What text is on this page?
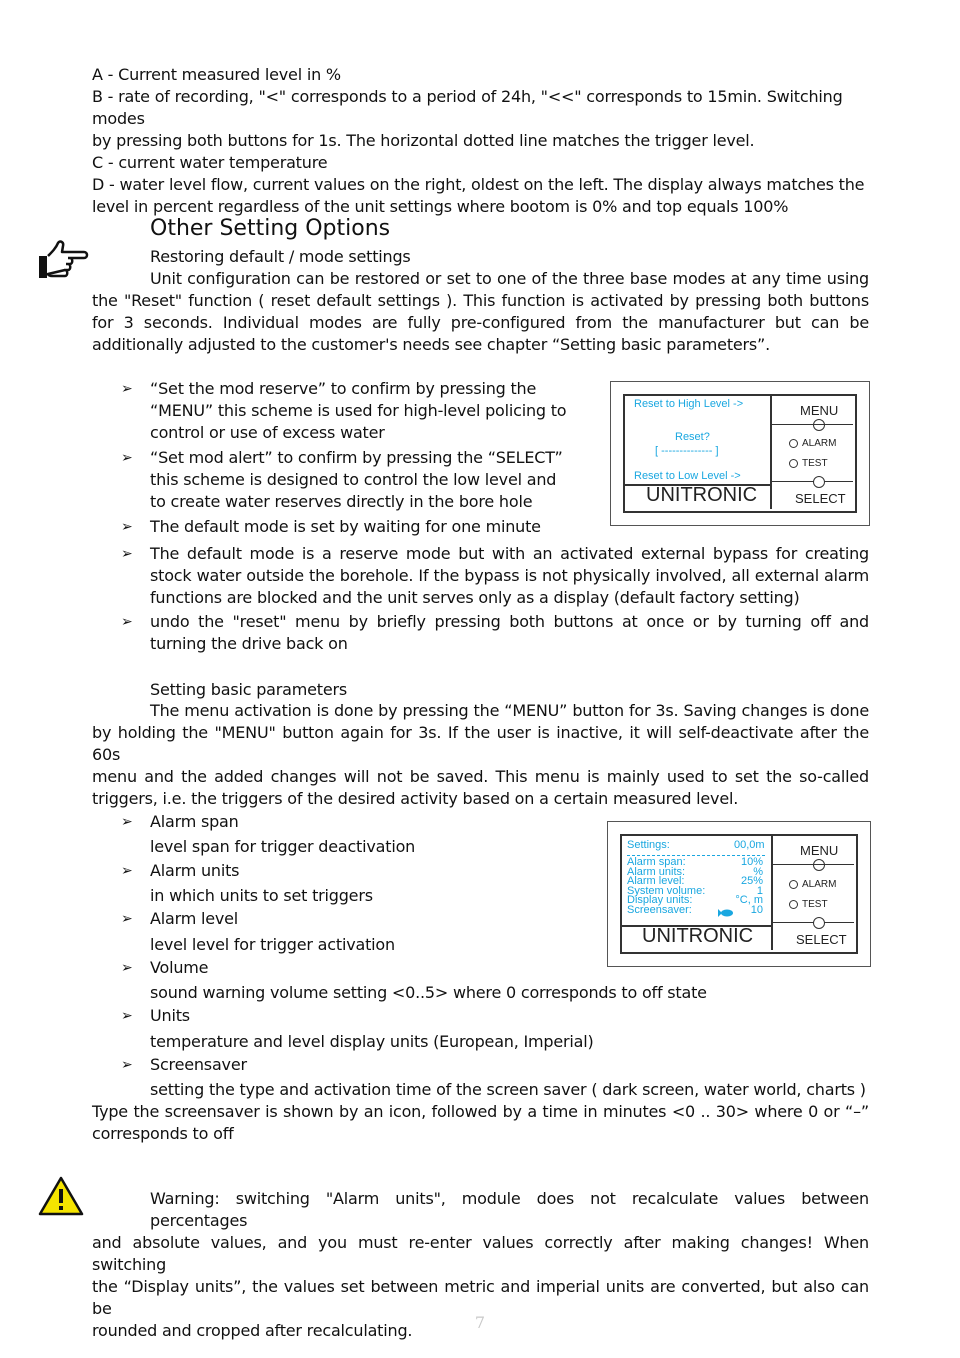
A - Current measured level in %
B - rate of recording, "<" corresponds to a period of 24h, "<<" corresponds to 15min. Switching modes
by pressing both buttons for 1s. The horizontal dotted line matches the trigger level.
C - current water temperature
D - water level flow, current values on the right, oldest on the left. The display always matches the
level in percent regardless of the unit settings where bootom is 0% and top equals 100%
Other Setting Options
Restoring default / mode settings
Unit configuration can be restored or set to one of the three base modes at any time using
the "Reset" function ( reset default settings ). This function is activated by pressing both buttons
for 3 seconds. Individual modes are fully pre-configured from the manufacturer but can be
additionally adjusted to the customer's needs see chapter “Setting basic parameters”.
➢ “Set the mod reserve” to confirm by pressing the
“MENU” this scheme is used for high-level policing to
control or use of excess water
➢ “Set mod alert” to confirm by pressing the “SELECT”
this scheme is designed to control the low level and
to create water reserves directly in the bore hole
➢ The default mode is set by waiting for one minute
Reset to High Level ->
Reset?
[ -------------- ]
Reset to Low Level ->
UNITRONIC
MENU
ALARM
TEST
SELECT
➢ The default mode is a reserve mode but with an activated external bypass for creating
stock water outside the borehole. If the bypass is not physically involved, all external alarm
functions are blocked and the unit serves only as a display (default factory setting)
➢ undo the "reset" menu by briefly pressing both buttons at once or by turning off and
turning the drive back on
Setting basic parameters
The menu activation is done by pressing the “MENU” button for 3s. Saving changes is done
by holding the "MENU" button again for 3s. If the user is inactive, it will self-deactivate after the 60s
menu and the added changes will not be saved. This menu is mainly used to set the so-called
triggers, i.e. the triggers of the desired activity based on a certain measured level.
➢ Alarm span
level span for trigger deactivation
➢ Alarm units
in which units to set triggers
➢ Alarm level
level level for trigger activation
➢ Volume
sound warning volume setting <0..5> where 0 corresponds to off state
➢ Units
temperature and level display units (European, Imperial)
➢ Screensaver
setting the type and activation time of the screen saver ( dark screen, water world, charts )
Type the screensaver is shown by an icon, followed by a time in minutes <0 .. 30> where 0 or “–”
corresponds to off
Settings:	00,0m
Alarm span:	10%
Alarm units:	%
Alarm level:	25%
System volume:	1
Display units:	°C, m
Screensaver:	10
UNITRONIC
MENU
ALARM
TEST
SELECT
Warning: switching "Alarm units", module does not recalculate values between percentages
and absolute values, and you must re-enter values correctly after making changes! When switching
the “Display units”, the values set between metric and imperial units are converted, but also can be
rounded and cropped after recalculating.	7
